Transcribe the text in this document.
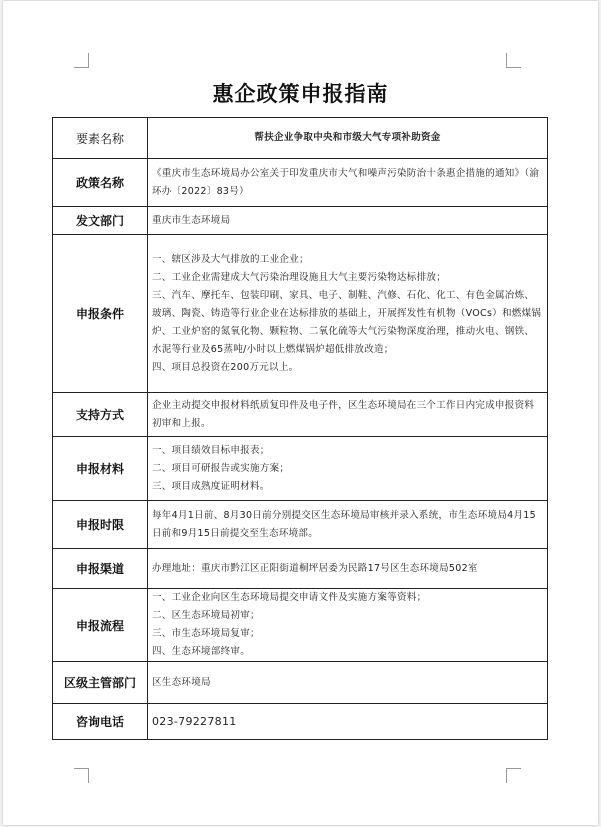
惠企政策申报指南
要素名称	帮扶企业争取中央和市级大气专项补助资金
政策名称	《重庆市生态环境局办公室关于印发重庆市大气和噪声污染防治十条惠企措施的通知》（渝环办〔2022〕83号）
发文部门	重庆市生态环境局
申报条件	一、辖区涉及大气排放的工业企业；
二、工业企业需建成大气污染治理设施且大气主要污染物达标排放；
三、汽车、摩托车、包装印刷、家具、电子、制鞋、汽修、石化、化工、有色金属冶炼、玻璃、陶瓷、铸造等行业企业在达标排放的基础上，开展挥发性有机物（VOCs）和燃煤锅炉、工业炉窑的氮氧化物、颗粒物、二氧化硫等大气污染物深度治理，推动火电、钢铁、水泥等行业及65蒸吨/小时以上燃煤锅炉超低排放改造；
四、项目总投资在200万元以上。

支持方式	企业主动提交申报材料纸质复印件及电子件，区生态环境局在三个工作日内完成申报资料初审和上报。
申报材料	一、项目绩效目标申报表；
二、项目可研报告或实施方案；
三、项目成熟度证明材料。

申报时限	每年4月1日前、8月30日前分别提交区生态环境局审核并录入系统，市生态环境局4月15日前和9月15日前提交至生态环境部。
申报渠道	办理地址：重庆市黔江区正阳街道桐坪居委为民路17号区生态环境局502室
申报流程	一、工业企业向区生态环境局提交申请文件及实施方案等资料；
二、区生态环境局初审；
三、市生态环境局复审；
四、生态环境部终审。

区级主管部门	区生态环境局
咨询电话	023-79227811
